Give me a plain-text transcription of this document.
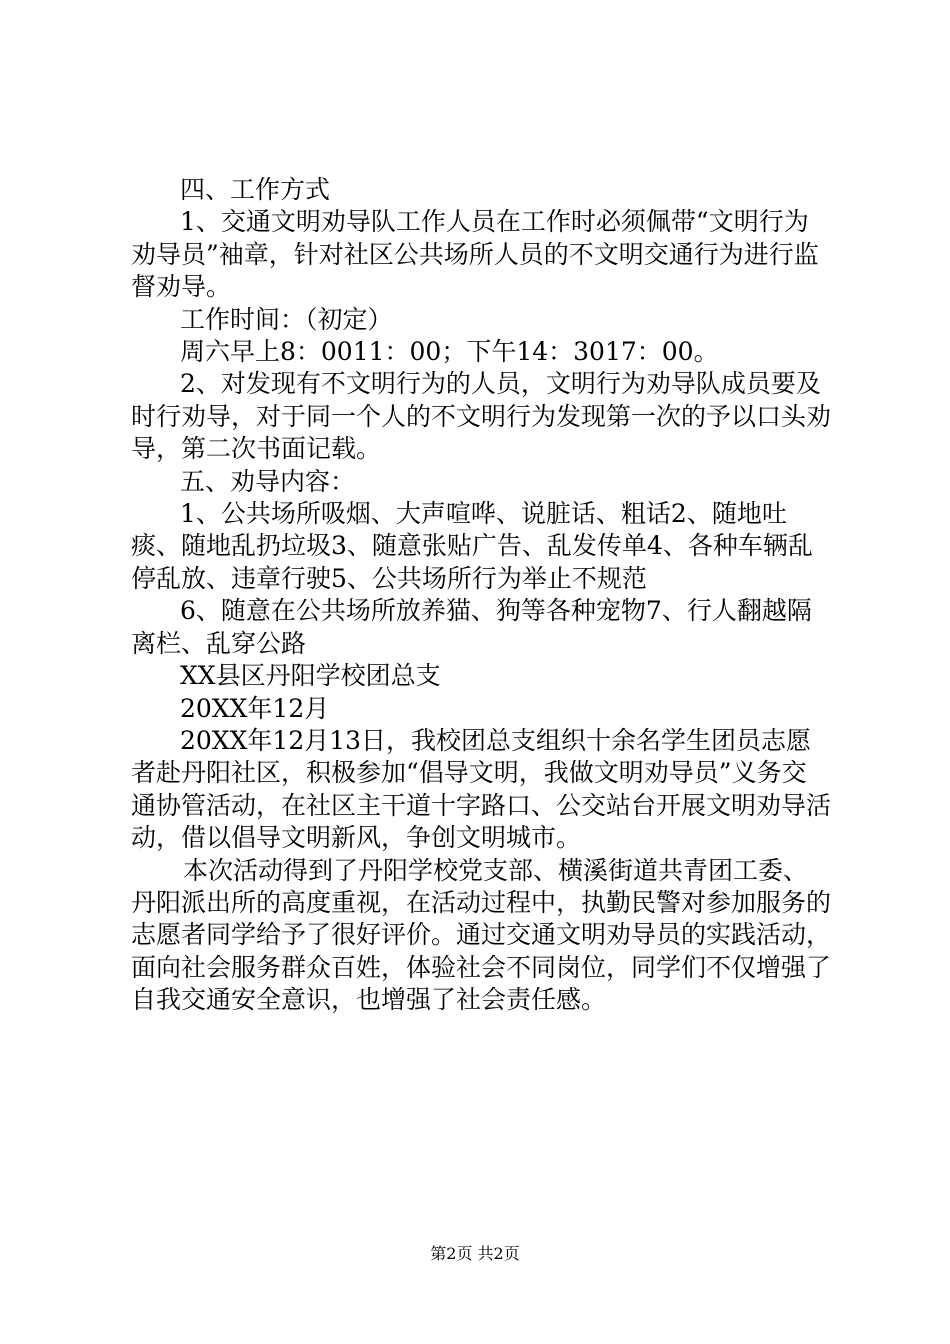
四、工作方式

1、交通文明劝导队工作人员在工作时必须佩带“文明行为劝导员”袖章，针对社区公共场所人员的不文明交通行为进行监督劝导。

工作时间：（初定）

周六早上8：0011：00；下午14：3017：00。

2、对发现有不文明行为的人员，文明行为劝导队成员要及时行劝导，对于同一个人的不文明行为发现第一次的予以口头劝导，第二次书面记载。

五、劝导内容：

1、公共场所吸烟、大声喧哗、说脏话、粗话2、随地吐痰、随地乱扔垃圾3、随意张贴广告、乱发传单4、各种车辆乱停乱放、违章行驶5、公共场所行为举止不规范

6、随意在公共场所放养猫、狗等各种宠物7、行人翻越隔离栏、乱穿公路

XX县区丹阳学校团总支

20XX年12月

20XX年12月13日，我校团总支组织十余名学生团员志愿者赴丹阳社区，积极参加“倡导文明，我做文明劝导员”义务交通协管活动，在社区主干道十字路口、公交站台开展文明劝导活动，借以倡导文明新风，争创文明城市。

本次活动得到了丹阳学校党支部、横溪街道共青团工委、丹阳派出所的高度重视，在活动过程中，执勤民警对参加服务的志愿者同学给予了很好评价。通过交通文明劝导员的实践活动，面向社会服务群众百姓，体验社会不同岗位，同学们不仅增强了自我交通安全意识，也增强了社会责任感。

第2页 共2页
